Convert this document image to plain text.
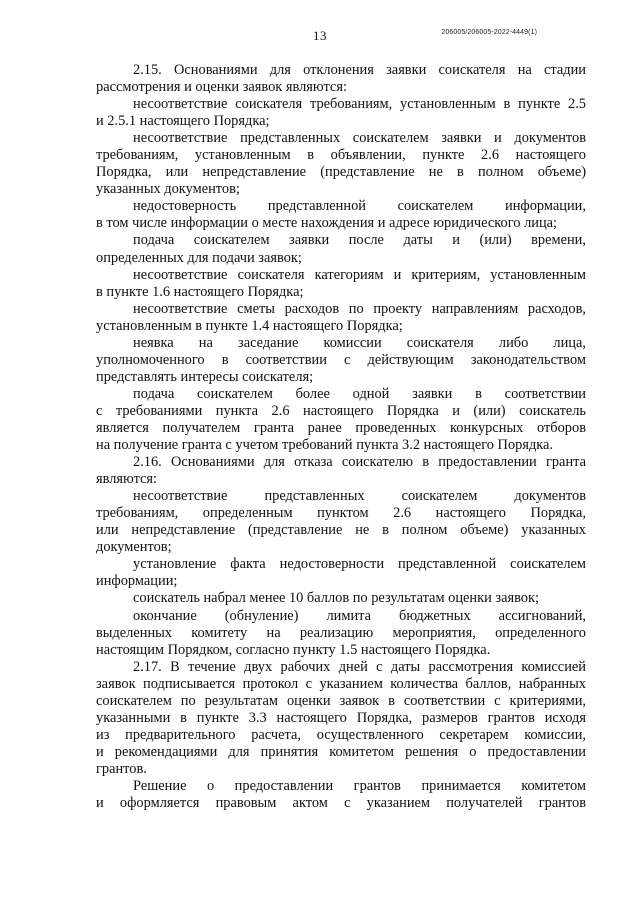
13	206005/206005-2022-4449(1)
2.15. Основаниями для отклонения заявки соискателя на стадии
рассмотрения и оценки заявок являются:
несоответствие соискателя требованиям, установленным в пункте 2.5
и 2.5.1 настоящего Порядка;
несоответствие представленных соискателем заявки и документов
требованиям, установленным в объявлении, пункте 2.6 настоящего
Порядка, или непредставление (представление не в полном объеме)
указанных документов;
недостоверность представленной соискателем информации,
в том числе информации о месте нахождения и адресе юридического лица;
подача соискателем заявки после даты и (или) времени,
определенных для подачи заявок;
несоответствие соискателя категориям и критериям, установленным
в пункте 1.6 настоящего Порядка;
несоответствие сметы расходов по проекту направлениям расходов,
установленным в пункте 1.4 настоящего Порядка;
неявка на заседание комиссии соискателя либо лица,
уполномоченного в соответствии с действующим законодательством
представлять интересы соискателя;
подача соискателем более одной заявки в соответствии
с требованиями пункта 2.6 настоящего Порядка и (или) соискатель
является получателем гранта ранее проведенных конкурсных отборов
на получение гранта с учетом требований пункта 3.2 настоящего Порядка.
2.16. Основаниями для отказа соискателю в предоставлении гранта
являются:
несоответствие представленных соискателем документов
требованиям, определенным пунктом 2.6 настоящего Порядка,
или непредставление (представление не в полном объеме) указанных
документов;
установление факта недостоверности представленной соискателем
информации;
соискатель набрал менее 10 баллов по результатам оценки заявок;
окончание (обнуление) лимита бюджетных ассигнований,
выделенных комитету на реализацию мероприятия, определенного
настоящим Порядком, согласно пункту 1.5 настоящего Порядка.
2.17. В течение двух рабочих дней с даты рассмотрения комиссией
заявок подписывается протокол с указанием количества баллов, набранных
соискателем по результатам оценки заявок в соответствии с критериями,
указанными в пункте 3.3 настоящего Порядка, размеров грантов исходя
из предварительного расчета, осуществленного секретарем комиссии,
и рекомендациями для принятия комитетом решения о предоставлении
грантов.
Решение о предоставлении грантов принимается комитетом
и оформляется правовым актом с указанием получателей грантов
